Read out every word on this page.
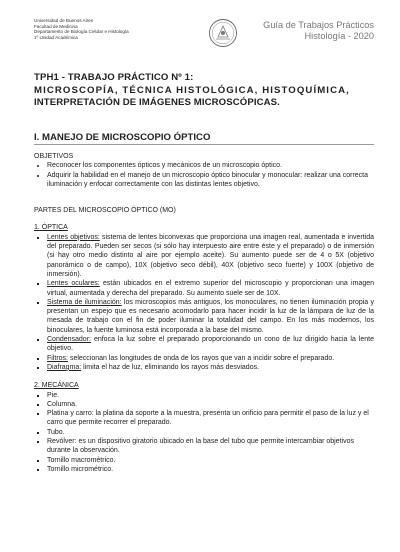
Universidad de Buenos Aires
Facultad de Medicina
Departamento de Biología Celular e Histología
1º Unidad Académica
Guía de Trabajos Prácticos
Histología - 2020
TPH1 - TRABAJO PRÁCTICO Nº 1:
MICROSCOPÍA, TÉCNICA HISTOLÓGICA, HISTOQUÍMICA,
INTERPRETACIÓN DE IMÁGENES MICROSCÓPICAS.
I. MANEJO DE MICROSCOPIO ÓPTICO

OBJETIVOS

• Reconocer los componentes ópticos y mecánicos de un microscopio óptico.
• Adquirir la habilidad en el manejo de un microscopio óptico binocular y monocular: realizar una correcta iluminación y enfocar correctamente con las distintas lentes objetivo.

PARTES DEL MICROSCOPIO ÓPTICO (MO)

1. ÓPTICA

▪ Lentes objetivos: sistema de lentes biconvexas que proporciona una imagen real, aumentada e invertida del preparado. Pueden ser secos (si sólo hay interpuesto aire entre éste y el preparado) o de inmersión (si hay otro medio distinto al aire por ejemplo aceite). Su aumento puede ser de 4 o 5X (objetivo panorámico o de campo), 10X (objetivo seco débil), 40X (objetivo seco fuerte) y 100X (objetivo de inmersión).
▪ Lentes oculares: están ubicados en el extremo superior del microscopio y proporcionan una imagen virtual, aumentada y derecha del preparado. Su aumento suele ser de 10X.
▪ Sistema de iluminación: los microscopios más antiguos, los monoculares, no tienen iluminación propia y presentan un espejo que es necesario acomodarlo para hacer incidir la luz de la lámpara de luz de la mesada de trabajo con el fin de poder iluminar la totalidad del campo. En los más modernos, los binoculares, la fuente luminosa está incorporada a la base del mismo.
▪ Condensador: enfoca la luz sobre el preparado proporcionando un cono de luz dirigido hacia la lente objetivo.
▪ Filtros: seleccionan las longitudes de onda de los rayos que van a incidir sobre el preparado.
▪ Diafragma: limita el haz de luz, eliminando los rayos más desviados.

2. MECÁNICA

▪ Pie.
▪ Columna.
▪ Platina y carro: la platina da soporte a la muestra, presenta un orificio para permitir el paso de la luz y el carro que permite recorrer el preparado.
▪ Tubo.
▪ Revólver: es un dispositivo giratorio ubicado en la base del tubo que permite intercambiar objetivos durante la observación.
▪ Tornillo macrométrico.
▪ Tornillo micrométrico.
